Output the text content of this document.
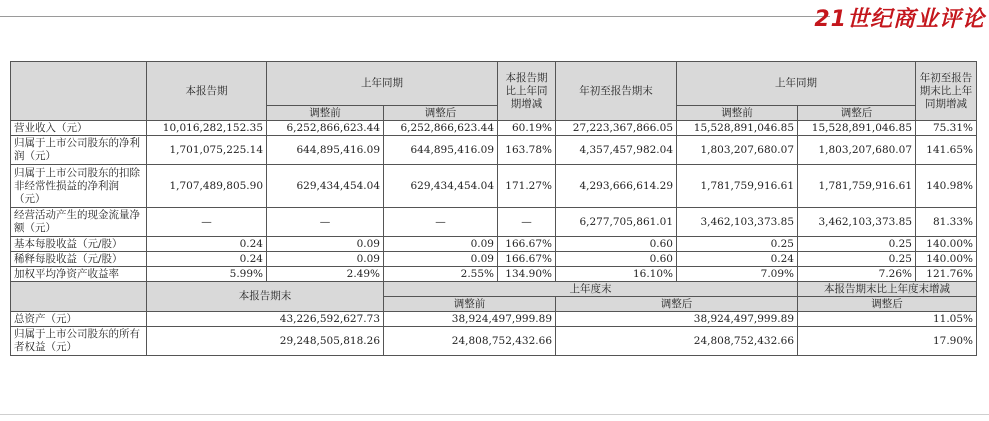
21世纪商业评论
	本报告期	上年同期		本报告期比上年同期增减	年初至报告期末	上年同期		年初至报告期末比上年同期增减
		调整前	调整后			调整前	调整后	
营业收入（元）	10,016,282,152.35	6,252,866,623.44	6,252,866,623.44	60.19%	27,223,367,866.05	15,528,891,046.85	15,528,891,046.85	75.31%
归属于上市公司股东的净利润（元）	1,701,075,225.14	644,895,416.09	644,895,416.09	163.78%	4,357,457,982.04	1,803,207,680.07	1,803,207,680.07	141.65%
归属于上市公司股东的扣除非经常性损益的净利润（元）	1,707,489,805.90	629,434,454.04	629,434,454.04	171.27%	4,293,666,614.29	1,781,759,916.61	1,781,759,916.61	140.98%
经营活动产生的现金流量净额（元）	—	—	—	—	6,277,705,861.01	3,462,103,373.85	3,462,103,373.85	81.33%
基本每股收益（元/股）	0.24	0.09	0.09	166.67%	0.60	0.25	0.25	140.00%
稀释每股收益（元/股）	0.24	0.09	0.09	166.67%	0.60	0.24	0.25	140.00%
加权平均净资产收益率	5.99%	2.49%	2.55%	134.90%	16.10%	7.09%	7.26%	121.76%
	本报告期末		上年度末				本报告期末比上年度末增减	
			调整前		调整后		调整后	
总资产（元）	43,226,592,627.73		38,924,497,999.89		38,924,497,999.89		11.05%	
归属于上市公司股东的所有者权益（元）	29,248,505,818.26		24,808,752,432.66		24,808,752,432.66		17.90%	
